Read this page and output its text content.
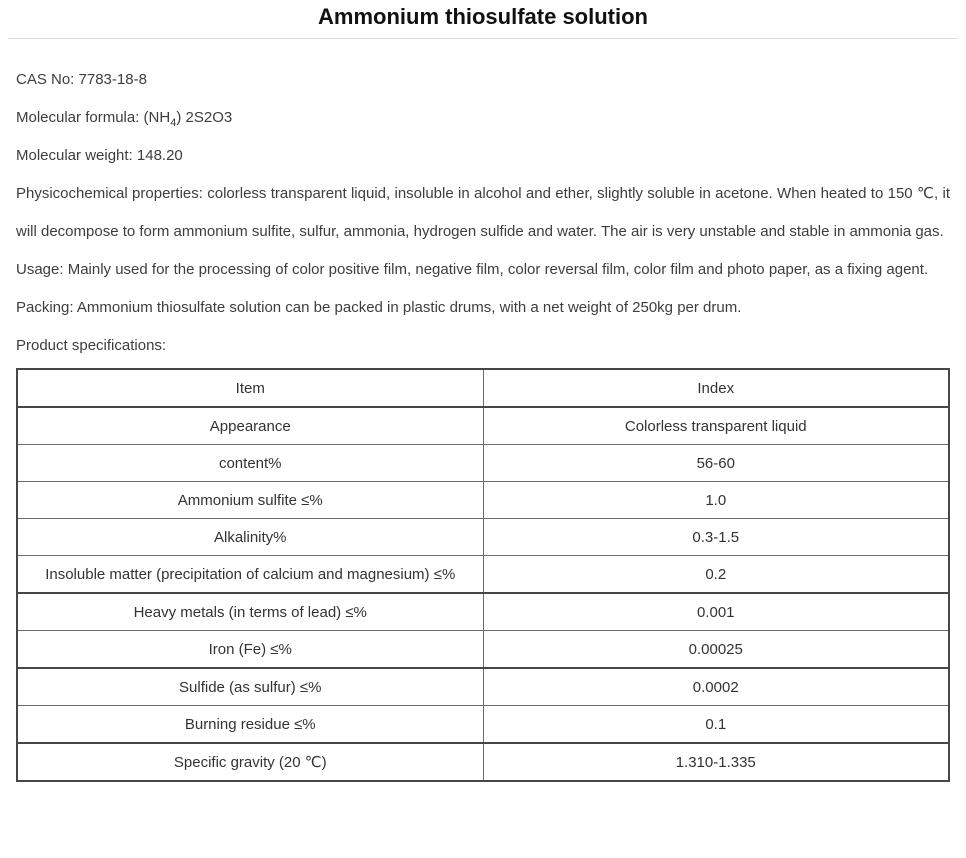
Ammonium thiosulfate solution

CAS No: 7783-18-8

Molecular formula: $(NH_4)$ 2S2O3

Molecular weight: 148.20

Physicochemical properties: colorless transparent liquid, insoluble in alcohol and ether, slightly soluble in acetone. When heated to 150 ℃, it will decompose to form ammonium sulfite, sulfur, ammonia, hydrogen sulfide and water. The air is very unstable and stable in ammonia gas.

Usage: Mainly used for the processing of color positive film, negative film, color reversal film, color film and photo paper, as a fixing agent.

Packing: Ammonium thiosulfate solution can be packed in plastic drums, with a net weight of 250kg per drum.

Product specifications:

Item	Index
Appearance	Colorless transparent liquid
content%	56-60
Ammonium sulfite ≤%	1.0
Alkalinity%	0.3-1.5
Insoluble matter (precipitation of calcium and magnesium) ≤%	0.2
Heavy metals (in terms of lead) ≤%	0.001
Iron (Fe) ≤%	0.00025
Sulfide (as sulfur) ≤%	0.0002
Burning residue ≤%	0.1
Specific gravity (20 ℃)	1.310-1.335
